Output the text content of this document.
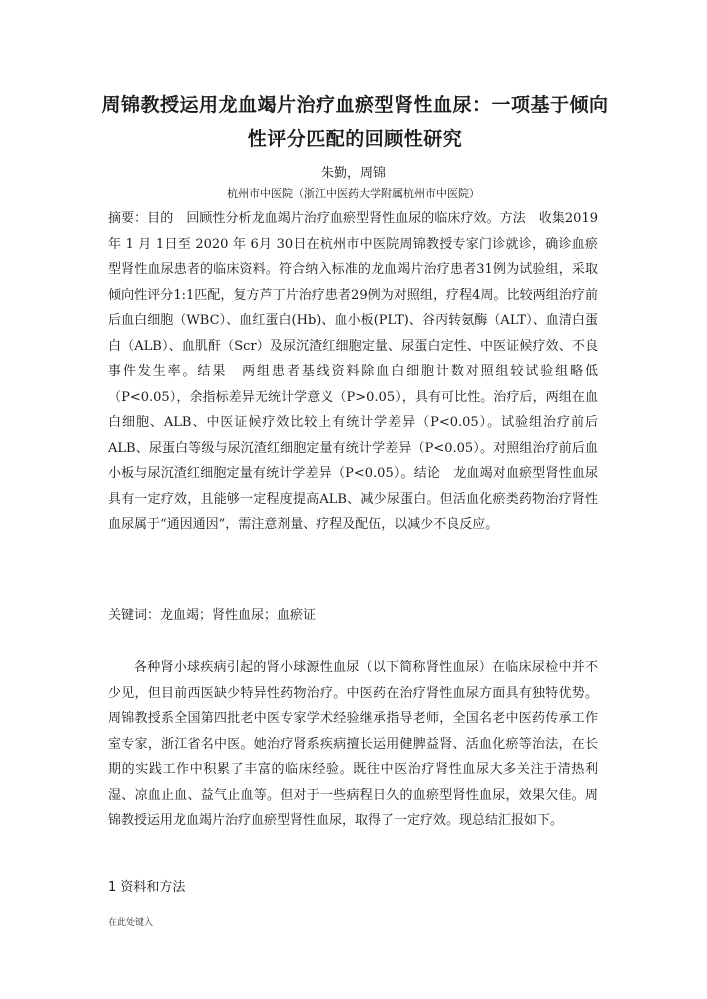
周锦教授运用龙血竭片治疗血瘀型肾性血尿：一项基于倾向
性评分匹配的回顾性研究
朱勤，周锦
杭州市中医院（浙江中医药大学附属杭州市中医院）

摘要：目的　回顾性分析龙血竭片治疗血瘀型肾性血尿的临床疗效。方法　收集2019 年 1 月 1日至 2020 年 6月 30日在杭州市中医院周锦教授专家门诊就诊，确诊血瘀型肾性血尿患者的临床资料。符合纳入标准的龙血竭片治疗患者31例为试验组，采取倾向性评分1:1匹配，复方芦丁片治疗患者29例为对照组，疗程4周。比较两组治疗前后血白细胞（WBC）、血红蛋白(Hb)、血小板(PLT)、谷丙转氨酶（ALT）、血清白蛋白（ALB）、血肌酐（Scr）及尿沉渣红细胞定量、尿蛋白定性、中医证候疗效、不良事件发生率。结果　两组患者基线资料除血白细胞计数对照组较试验组略低（P<0.05），余指标差异无统计学意义（P>0.05），具有可比性。治疗后，两组在血白细胞、ALB、中医证候疗效比较上有统计学差异（P<0.05）。试验组治疗前后ALB、尿蛋白等级与尿沉渣红细胞定量有统计学差异（P<0.05）。对照组治疗前后血小板与尿沉渣红细胞定量有统计学差异（P<0.05）。结论　龙血竭对血瘀型肾性血尿具有一定疗效，且能够一定程度提高ALB、减少尿蛋白。但活血化瘀类药物治疗肾性血尿属于“通因通因”，需注意剂量、疗程及配伍，以减少不良反应。

关键词：龙血竭；肾性血尿；血瘀证

各种肾小球疾病引起的肾小球源性血尿（以下简称肾性血尿）在临床尿检中并不少见，但目前西医缺少特异性药物治疗。中医药在治疗肾性血尿方面具有独特优势。周锦教授系全国第四批老中医专家学术经验继承指导老师，全国名老中医药传承工作室专家，浙江省名中医。她治疗肾系疾病擅长运用健脾益肾、活血化瘀等治法，在长期的实践工作中积累了丰富的临床经验。既往中医治疗肾性血尿大多关注于清热利湿、凉血止血、益气止血等。但对于一些病程日久的血瘀型肾性血尿，效果欠佳。周锦教授运用龙血竭片治疗血瘀型肾性血尿，取得了一定疗效。现总结汇报如下。

1 资料和方法
在此处键入
